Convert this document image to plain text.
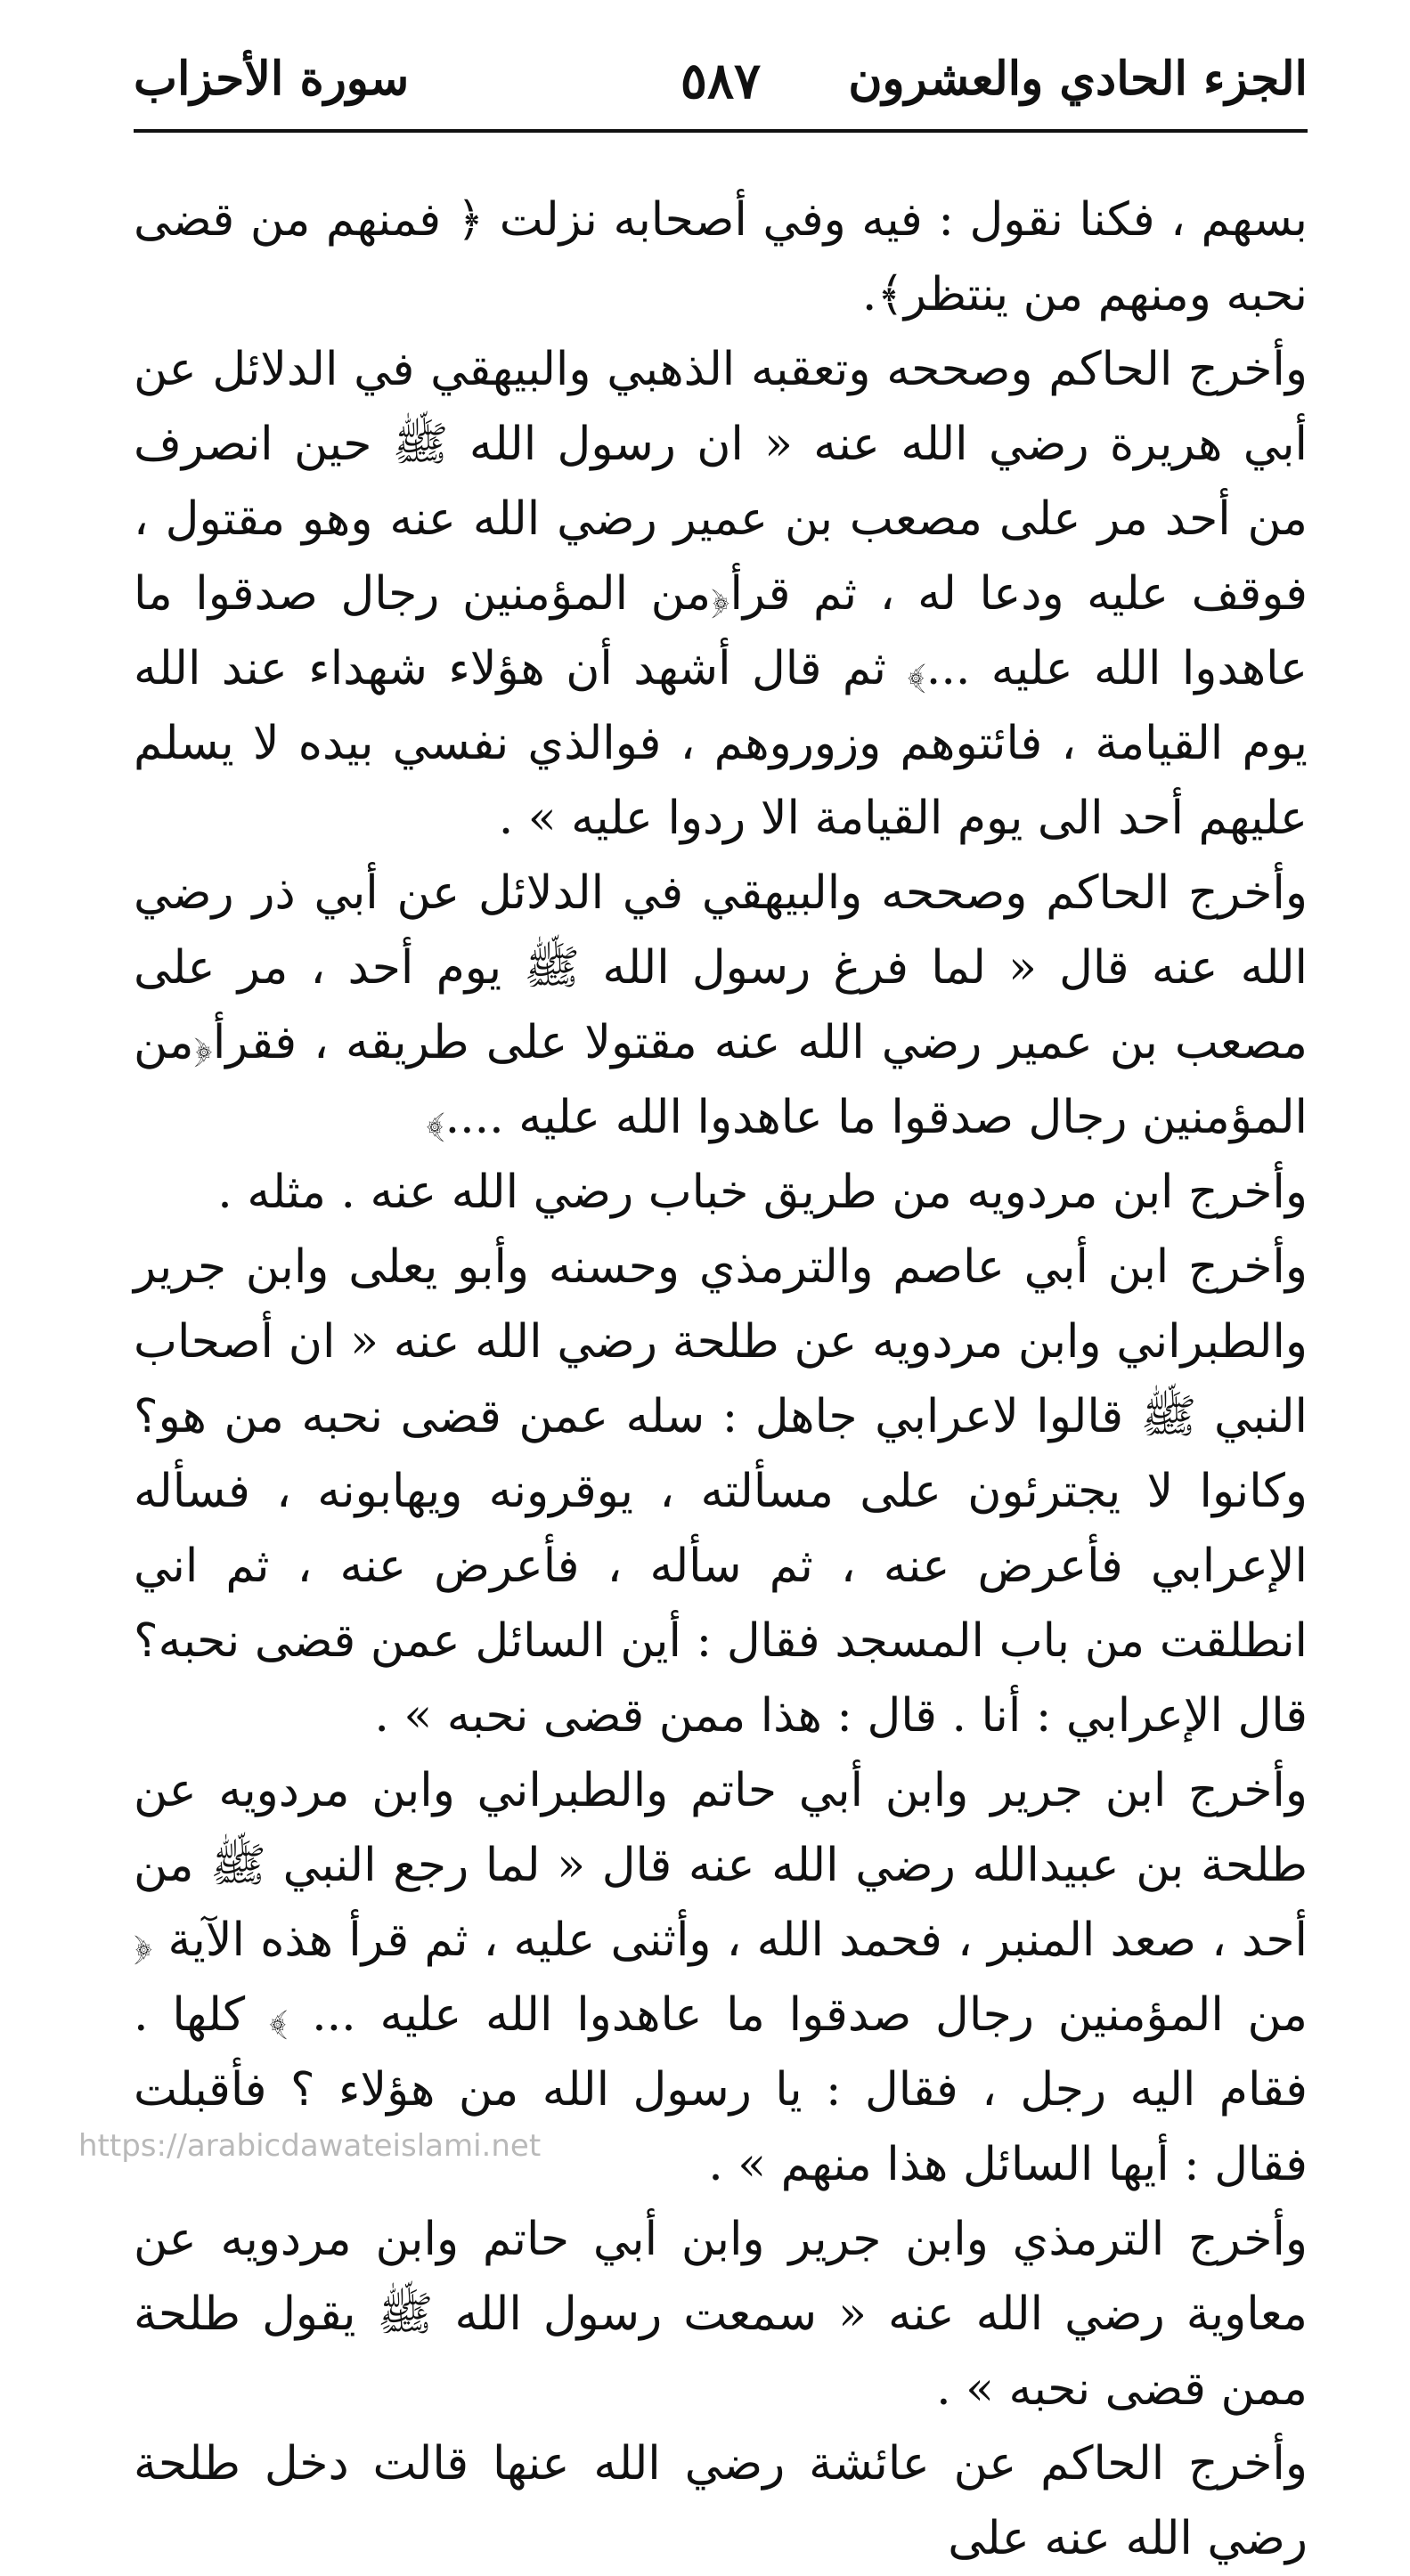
الجزء الحادي والعشرون
٥٨٧
سورة الأحزاب

بسهم ، فكنا نقول : فيه وفي أصحابه نزلت ﴿ فمنهم من قضى نحبه ومنهم من ينتظر﴾.

وأخرج الحاكم وصححه وتعقبه الذهبي والبيهقي في الدلائل عن أبي هريرة رضي الله عنه « ان رسول الله ﷺ حين انصرف من أحد مر على مصعب بن عمير رضي الله عنه وهو مقتول ، فوقف عليه ودعا له ، ثم قرأ﴿من المؤمنين رجال صدقوا ما عاهدوا الله عليه ...﴾ ثم قال أشهد أن هؤلاء شهداء عند الله يوم القيامة ، فائتوهم وزوروهم ، فوالذي نفسي بيده لا يسلم عليهم أحد الى يوم القيامة الا ردوا عليه » .

وأخرج الحاكم وصححه والبيهقي في الدلائل عن أبي ذر رضي الله عنه قال « لما فرغ رسول الله ﷺ يوم أحد ، مر على مصعب بن عمير رضي الله عنه مقتولا على طريقه ، فقرأ﴿من المؤمنين رجال صدقوا ما عاهدوا الله عليه ....﴾

وأخرج ابن مردويه من طريق خباب رضي الله عنه . مثله .

وأخرج ابن أبي عاصم والترمذي وحسنه وأبو يعلى وابن جرير والطبراني وابن مردويه عن طلحة رضي الله عنه « ان أصحاب النبي ﷺ قالوا لاعرابي جاهل : سله عمن قضى نحبه من هو؟ وكانوا لا يجترئون على مسألته ، يوقرونه ويهابونه ، فسأله الإعرابي فأعرض عنه ، ثم سأله ، فأعرض عنه ، ثم اني انطلقت من باب المسجد فقال : أين السائل عمن قضى نحبه؟ قال الإعرابي : أنا . قال : هذا ممن قضى نحبه » .

وأخرج ابن جرير وابن أبي حاتم والطبراني وابن مردويه عن طلحة بن عبيدالله رضي الله عنه قال « لما رجع النبي ﷺ من أحد ، صعد المنبر ، فحمد الله ، وأثنى عليه ، ثم قرأ هذه الآية ﴿ من المؤمنين رجال صدقوا ما عاهدوا الله عليه ... ﴾ كلها . فقام اليه رجل ، فقال : يا رسول الله من هؤلاء ؟ فأقبلت فقال : أيها السائل هذا منهم » .

وأخرج الترمذي وابن جرير وابن أبي حاتم وابن مردويه عن معاوية رضي الله عنه « سمعت رسول الله ﷺ يقول طلحة ممن قضى نحبه » .

وأخرج الحاكم عن عائشة رضي الله عنها قالت دخل طلحة رضي الله عنه على

https://arabicdawateislami.net
